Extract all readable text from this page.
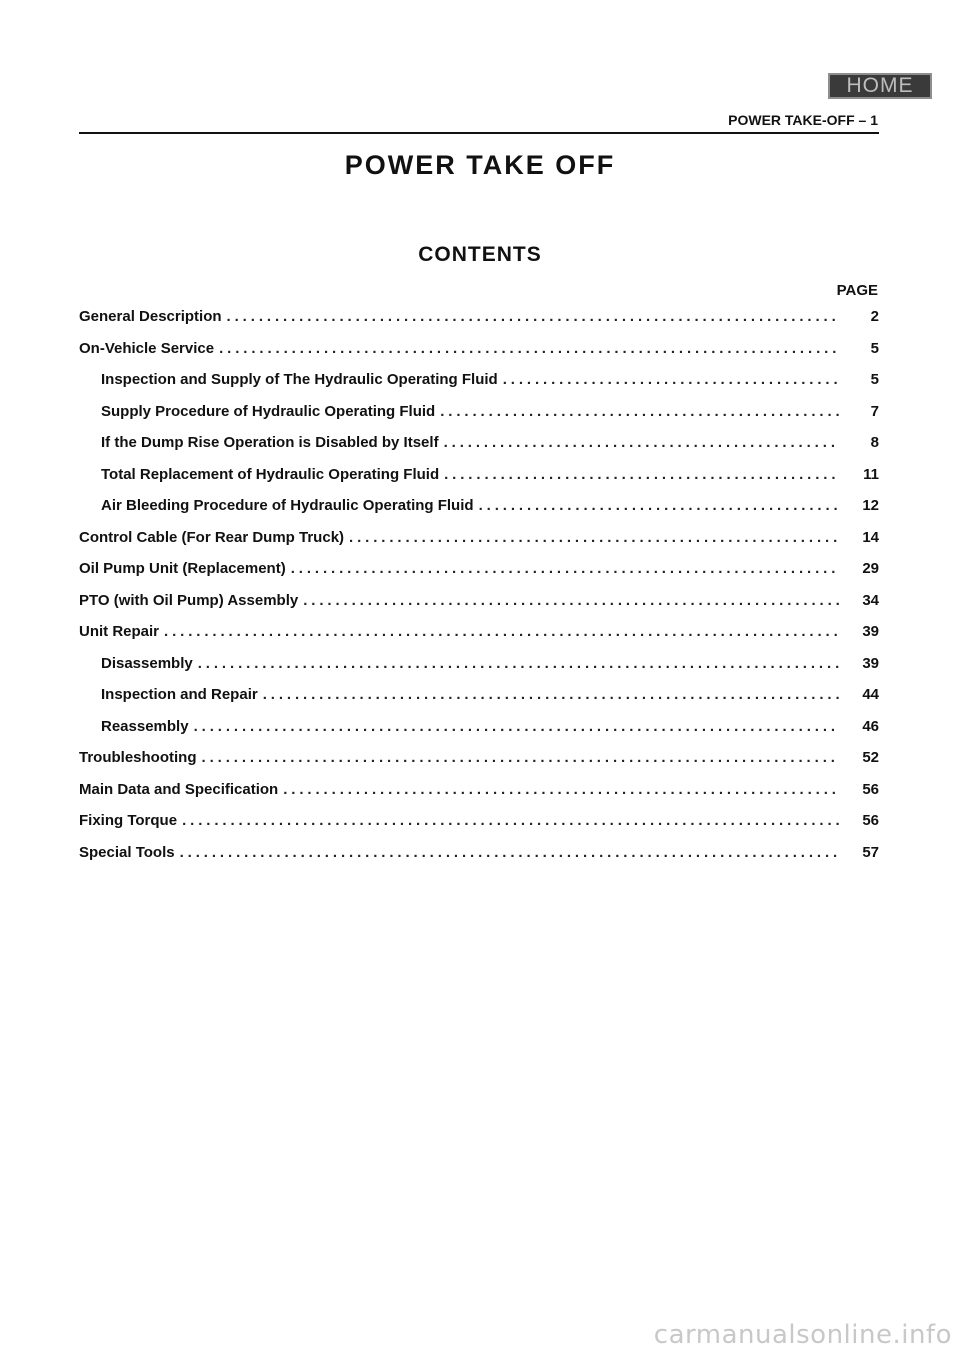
HOME
POWER TAKE-OFF – 1
POWER TAKE OFF
CONTENTS
PAGE
General Description .....	2
On-Vehicle Service .....	5
Inspection and Supply of The Hydraulic Operating Fluid .....	5
Supply Procedure of Hydraulic Operating Fluid .....	7
If the Dump Rise Operation is Disabled by Itself .....	8
Total Replacement of Hydraulic Operating Fluid .....	11
Air Bleeding Procedure of Hydraulic Operating Fluid .....	12
Control Cable (For Rear Dump Truck) .....	14
Oil Pump Unit (Replacement) .....	29
PTO (with Oil Pump) Assembly .....	34
Unit Repair .....	39
Disassembly .....	39
Inspection and Repair .....	44
Reassembly .....	46
Troubleshooting .....	52
Main Data and Specification .....	56
Fixing Torque .....	56
Special Tools .....	57
carmanualsonline.info
